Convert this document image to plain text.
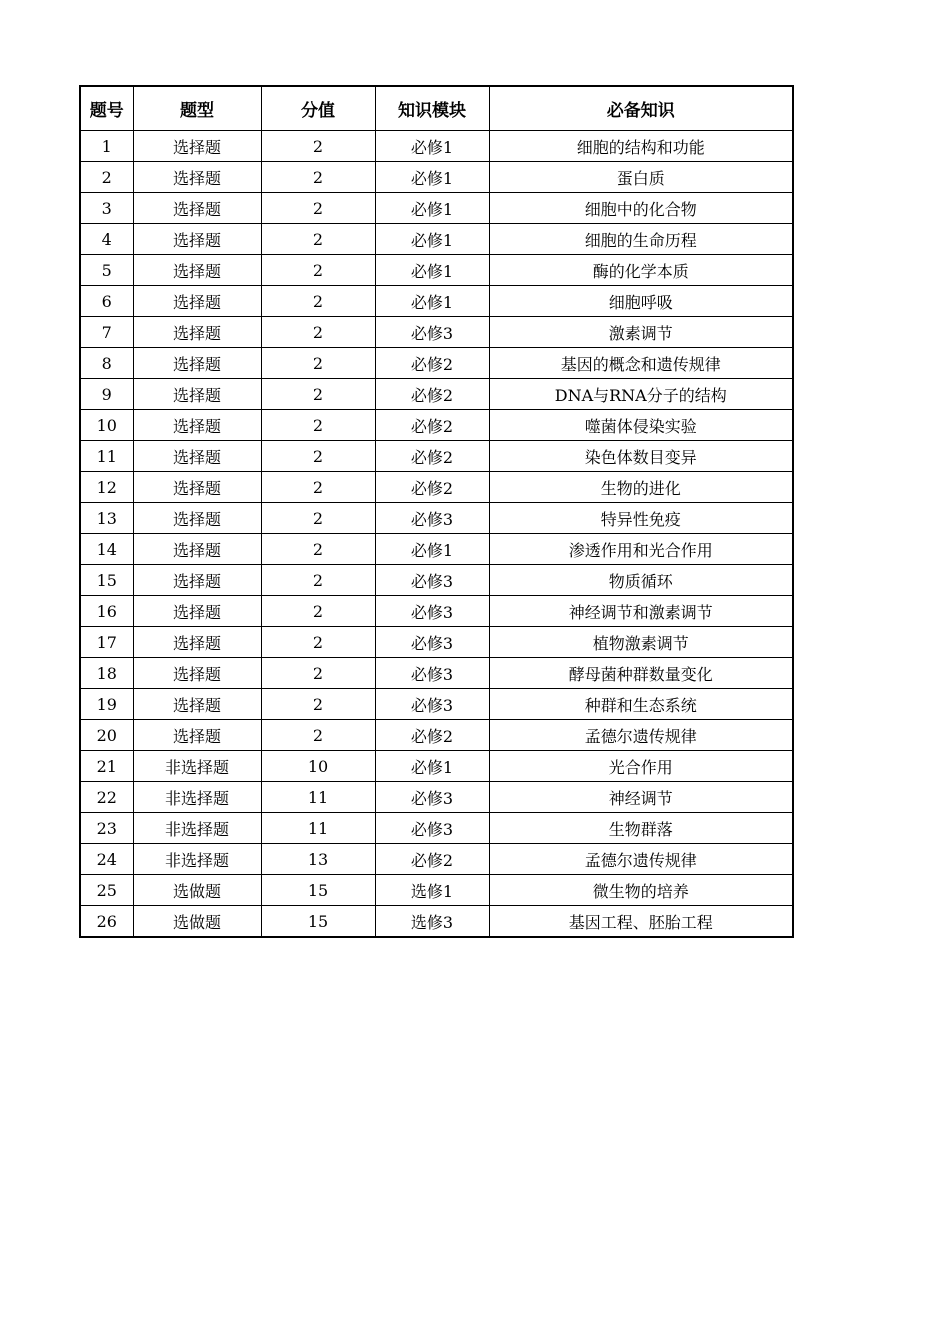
题号	题型	分值	知识模块	必备知识
1	选择题	2	必修1	细胞的结构和功能
2	选择题	2	必修1	蛋白质
3	选择题	2	必修1	细胞中的化合物
4	选择题	2	必修1	细胞的生命历程
5	选择题	2	必修1	酶的化学本质
6	选择题	2	必修1	细胞呼吸
7	选择题	2	必修3	激素调节
8	选择题	2	必修2	基因的概念和遗传规律
9	选择题	2	必修2	DNA与RNA分子的结构
10	选择题	2	必修2	噬菌体侵染实验
11	选择题	2	必修2	染色体数目变异
12	选择题	2	必修2	生物的进化
13	选择题	2	必修3	特异性免疫
14	选择题	2	必修1	渗透作用和光合作用
15	选择题	2	必修3	物质循环
16	选择题	2	必修3	神经调节和激素调节
17	选择题	2	必修3	植物激素调节
18	选择题	2	必修3	酵母菌种群数量变化
19	选择题	2	必修3	种群和生态系统
20	选择题	2	必修2	孟德尔遗传规律
21	非选择题	10	必修1	光合作用
22	非选择题	11	必修3	神经调节
23	非选择题	11	必修3	生物群落
24	非选择题	13	必修2	孟德尔遗传规律
25	选做题	15	选修1	微生物的培养
26	选做题	15	选修3	基因工程、胚胎工程
